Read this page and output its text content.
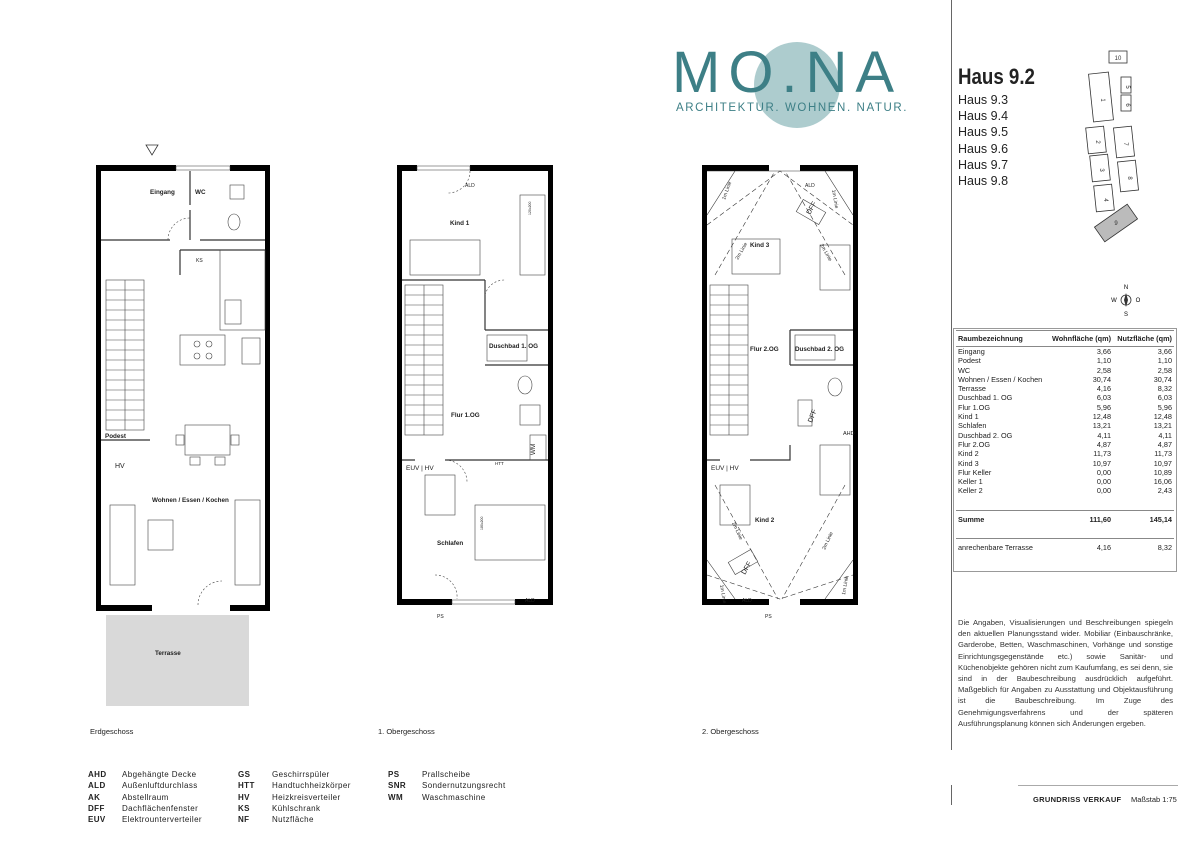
MO.NA
ARCHITEKTUR. WOHNEN. NATUR.
Haus 9.2
Haus 9.3
Haus 9.4
Haus 9.5
Haus 9.6
Haus 9.7
Haus 9.8
10
1
5
6
2
7
3
8
4
9
N
S
W	O
Raumbezeichnung	Wohnfläche (qm)	Nutzfläche (qm)
Eingang	3,66	3,66
Podest	1,10	1,10
WC	2,58	2,58
Wohnen / Essen / Kochen	30,74	30,74
Terrasse	4,16	8,32
Duschbad 1. OG	6,03	6,03
Flur 1.OG	5,96	5,96
Kind 1	12,48	12,48
Schlafen	13,21	13,21
Duschbad 2. OG	4,11	4,11
Flur 2.OG	4,87	4,87
Kind 2	11,73	11,73
Kind 3	10,97	10,97
Flur Keller	0,00	10,89
Keller 1	0,00	16,06
Keller 2	0,00	2,43

Summe	111,60	145,14

anrechenbare Terrasse	4,16	8,32
Die Angaben, Visualisierungen und Beschreibungen spiegeln den aktuellen Planungsstand wider. Mobiliar (Einbauschränke, Garderobe, Betten, Waschmaschinen, Vorhänge und sonstige Einrichtungsgegenstände etc.) sowie Sanitär- und Küchenobjekte gehören nicht zum Kaufumfang, es sei denn, sie sind in der Baubeschreibung ausdrücklich aufgeführt. Maßgeblich für Angaben zu Ausstattung und Objektausführung ist die Baubeschreibung. Im Zuge des Genehmigungsverfahrens und der späteren Ausführungsplanung können sich Änderungen ergeben.
GRUNDRISS VERKAUF Maßstab 1:75
Eingang	WC
KS
Podest
HV
Wohnen / Essen / Kochen
Terrasse
Kind 1
ALD
Duschbad 1. OG
Flur 1.OG
WM
HTT
EUV | HV
Schlafen
120x200
180x200
ALD
PS
Kind 3
ALD
DFF
1m Linie
2m Linie	2m Linie
1m Linie
Flur 2.OG	Duschbad 2. OG
DFF
AHD
EUV | HV
Kind 2
2m Linie
2m Linie
DFF
1m Linie	1m Linie
ALD
PS
Erdgeschoss	1. Obergeschoss	2. Obergeschoss
AHD Abgehängte Decke
ALD Außenluftdurchlass
AK	Abstellraum
DFF Dachflächenfenster
EUV Elektrounterverteiler
GS	Geschirrspüler
HTT Handtuchheizkörper
HV	Heizkreisverteiler
KS	Kühlschrank
NF	Nutzfläche
PS	Prallscheibe
SNR Sondernutzungsrecht
WM Waschmaschine
